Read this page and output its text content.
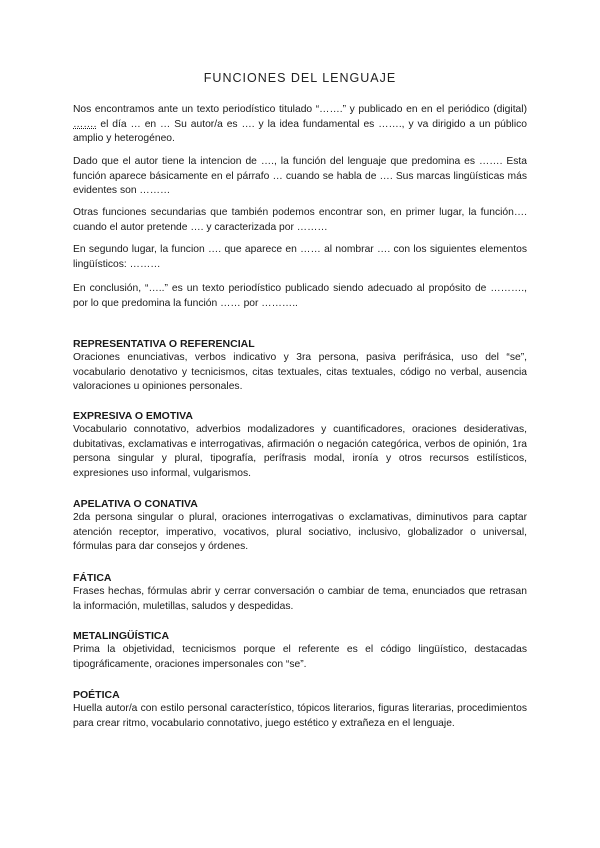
FUNCIONES DEL LENGUAJE

Nos encontramos ante un texto periodístico titulado “…….” y publicado en en el periódico (digital) ……. el día … en … Su autor/a es …. y la idea fundamental es ……., y va dirigido a un público amplio y heterogéneo.

Dado que el autor tiene la intencion de …., la función del lenguaje que predomina es ……. Esta función aparece básicamente en el párrafo … cuando se habla de …. Sus marcas lingüísticas más evidentes son ………

Otras funciones secundarias que también podemos encontrar son, en primer lugar, la función…. cuando el autor pretende …. y caracterizada por ………

En segundo lugar, la funcion …. que aparece en …… al nombrar …. con los siguientes elementos lingüísticos: ………

En conclusión, “…..” es un texto periodístico publicado siendo adecuado al propósito de ………., por lo que predomina la función …… por ………..

REPRESENTATIVA O REFERENCIAL

Oraciones enunciativas, verbos indicativo y 3ra persona, pasiva perifrásica, uso del “se”, vocabulario denotativo y tecnicismos, citas textuales, citas textuales, código no verbal, ausencia valoraciones u opiniones personales.

EXPRESIVA O EMOTIVA

Vocabulario connotativo, adverbios modalizadores y cuantificadores, oraciones desiderativas, dubitativas, exclamativas e interrogativas, afirmación o negación categórica, verbos de opinión, 1ra persona singular y plural, tipografía, perífrasis modal, ironía y otros recursos estilísticos, expresiones uso informal, vulgarismos.

APELATIVA O CONATIVA

2da persona singular o plural, oraciones interrogativas o exclamativas, diminutivos para captar atención receptor, imperativo, vocativos, plural sociativo, inclusivo, globalizador o universal, fórmulas para dar consejos y órdenes.

FÁTICA

Frases hechas, fórmulas abrir y cerrar conversación o cambiar de tema, enunciados que retrasan la información, muletillas, saludos y despedidas.

METALINGÜÍSTICA

Prima la objetividad, tecnicismos porque el referente es el código lingüístico, destacadas tipográficamente, oraciones impersonales con “se”.

POÉTICA

Huella autor/a con estilo personal característico, tópicos literarios, figuras literarias, procedimientos para crear ritmo, vocabulario connotativo, juego estético y extrañeza en el lenguaje.
